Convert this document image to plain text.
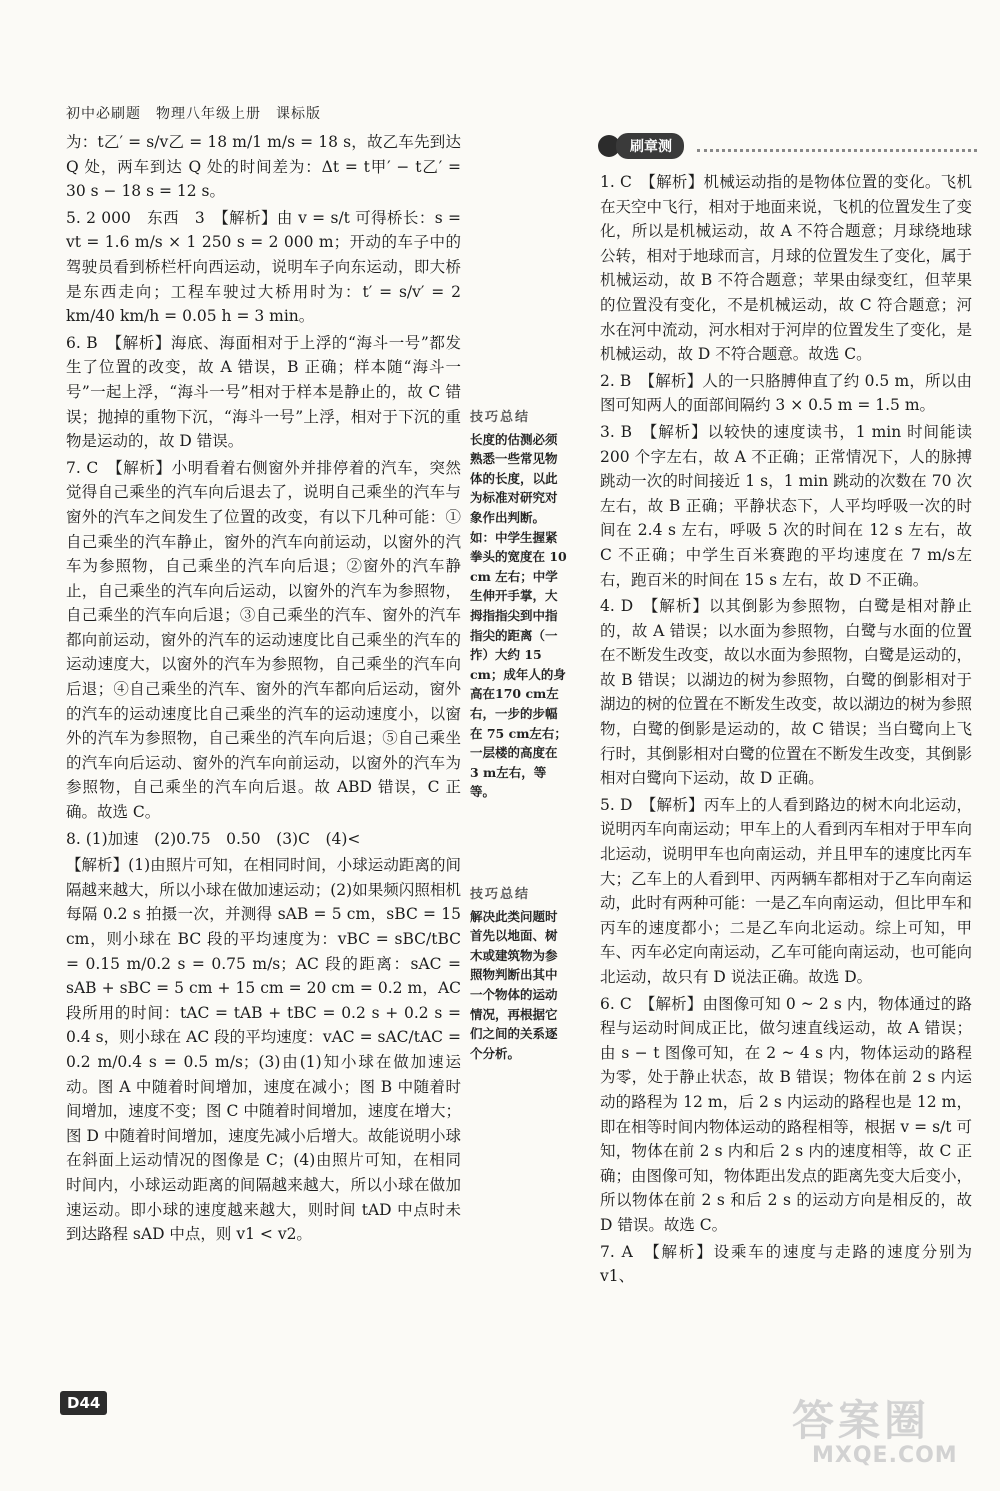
初中必刷题　物理八年级上册　课标版

为：t乙′ = s/v乙 = 18 m/1 m/s = 18 s，故乙车先到达 Q 处，两车到达 Q 处的时间差为：Δt = t甲′ − t乙′ = 30 s − 18 s = 12 s。

5. 2 000　东西　3　【解析】由 v = s/t 可得桥长：s = vt = 1.6 m/s × 1 250 s = 2 000 m；开动的车子中的驾驶员看到桥栏杆向西运动，说明车子向东运动，即大桥是东西走向；工程车驶过大桥用时为：t′ = s/v′ = 2 km/40 km/h = 0.05 h = 3 min。

6. B　【解析】海底、海面相对于上浮的“海斗一号”都发生了位置的改变，故 A 错误，B 正确；样本随“海斗一号”一起上浮，“海斗一号”相对于样本是静止的，故 C 错误；抛掉的重物下沉，“海斗一号”上浮，相对于下沉的重物是运动的，故 D 错误。

7. C　【解析】小明看着右侧窗外并排停着的汽车，突然觉得自己乘坐的汽车向后退去了，说明自己乘坐的汽车与窗外的汽车之间发生了位置的改变，有以下几种可能：①自己乘坐的汽车静止，窗外的汽车向前运动，以窗外的汽车为参照物，自己乘坐的汽车向后退；②窗外的汽车静止，自己乘坐的汽车向后运动，以窗外的汽车为参照物，自己乘坐的汽车向后退；③自己乘坐的汽车、窗外的汽车都向前运动，窗外的汽车的运动速度比自己乘坐的汽车的运动速度大，以窗外的汽车为参照物，自己乘坐的汽车向后退；④自己乘坐的汽车、窗外的汽车都向后运动，窗外的汽车的运动速度比自己乘坐的汽车的运动速度小，以窗外的汽车为参照物，自己乘坐的汽车向后退；⑤自己乘坐的汽车向后运动、窗外的汽车向前运动，以窗外的汽车为参照物，自己乘坐的汽车向后退。故 ABD 错误，C 正确。故选 C。

8. (1)加速　(2)0.75　0.50　(3)C　(4)<

【解析】(1)由照片可知，在相同时间，小球运动距离的间隔越来越大，所以小球在做加速运动；(2)如果频闪照相机每隔 0.2 s 拍摄一次，并测得 sAB = 5 cm，sBC = 15 cm，则小球在 BC 段的平均速度为：vBC = sBC/tBC = 0.15 m/0.2 s = 0.75 m/s；AC 段的距离：sAC = sAB + sBC = 5 cm + 15 cm = 20 cm = 0.2 m，AC 段所用的时间：tAC = tAB + tBC = 0.2 s + 0.2 s = 0.4 s，则小球在 AC 段的平均速度：vAC = sAC/tAC = 0.2 m/0.4 s = 0.5 m/s；(3)由(1)知小球在做加速运动。图 A 中随着时间增加，速度在减小；图 B 中随着时间增加，速度不变；图 C 中随着时间增加，速度在增大；图 D 中随着时间增加，速度先减小后增大。故能说明小球在斜面上运动情况的图像是 C；(4)由照片可知，在相同时间内，小球运动距离的间隔越来越大，所以小球在做加速运动。即小球的速度越来越大，则时间 tAD 中点时未到达路程 sAD 中点，则 v1 < v2。

技巧总结
长度的估测必须熟悉一些常见物体的长度，以此为标准对研究对象作出判断。如：中学生握紧拳头的宽度在 10 cm 左右；中学生伸开手掌，大拇指指尖到中指指尖的距离（一拃）大约 15 cm；成年人的身高在170 cm左右，一步的步幅在 75 cm左右；一层楼的高度在 3 m左右，等等。
技巧总结
解决此类问题时首先以地面、树木或建筑物为参照物判断出其中一个物体的运动情况，再根据它们之间的关系逐个分析。
刷章测

1. C　【解析】机械运动指的是物体位置的变化。飞机在天空中飞行，相对于地面来说，飞机的位置发生了变化，所以是机械运动，故 A 不符合题意；月球绕地球公转，相对于地球而言，月球的位置发生了变化，属于机械运动，故 B 不符合题意；苹果由绿变红，但苹果的位置没有变化，不是机械运动，故 C 符合题意；河水在河中流动，河水相对于河岸的位置发生了变化，是机械运动，故 D 不符合题意。故选 C。

2. B　【解析】人的一只胳膊伸直了约 0.5 m，所以由图可知两人的面部间隔约 3 × 0.5 m = 1.5 m。

3. B　【解析】以较快的速度读书，1 min 时间能读 200 个字左右，故 A 不正确；正常情况下，人的脉搏跳动一次的时间接近 1 s，1 min 跳动的次数在 70 次左右，故 B 正确；平静状态下，人平均呼吸一次的时间在 2.4 s 左右，呼吸 5 次的时间在 12 s 左右，故 C 不正确；中学生百米赛跑的平均速度在 7 m/s左右，跑百米的时间在 15 s 左右，故 D 不正确。

4. D　【解析】以其倒影为参照物，白鹭是相对静止的，故 A 错误；以水面为参照物，白鹭与水面的位置在不断发生改变，故以水面为参照物，白鹭是运动的，故 B 错误；以湖边的树为参照物，白鹭的倒影相对于湖边的树的位置在不断发生改变，故以湖边的树为参照物，白鹭的倒影是运动的，故 C 错误；当白鹭向上飞行时，其倒影相对白鹭的位置在不断发生改变，其倒影相对白鹭向下运动，故 D 正确。

5. D　【解析】丙车上的人看到路边的树木向北运动，说明丙车向南运动；甲车上的人看到丙车相对于甲车向北运动，说明甲车也向南运动，并且甲车的速度比丙车大；乙车上的人看到甲、丙两辆车都相对于乙车向南运动，此时有两种可能：一是乙车向南运动，但比甲车和丙车的速度都小；二是乙车向北运动。综上可知，甲车、丙车必定向南运动，乙车可能向南运动，也可能向北运动，故只有 D 说法正确。故选 D。

6. C　【解析】由图像可知 0 ~ 2 s 内，物体通过的路程与运动时间成正比，做匀速直线运动，故 A 错误；由 s − t 图像可知，在 2 ~ 4 s 内，物体运动的路程为零，处于静止状态，故 B 错误；物体在前 2 s 内运动的路程为 12 m，后 2 s 内运动的路程也是 12 m，即在相等时间内物体运动的路程相等，根据 v = s/t 可知，物体在前 2 s 内和后 2 s 内的速度相等，故 C 正确；由图像可知，物体距出发点的距离先变大后变小，所以物体在前 2 s 和后 2 s 的运动方向是相反的，故 D 错误。故选 C。

7. A　【解析】设乘车的速度与走路的速度分别为 v1、

D44	答案圈
MXQE.COM
